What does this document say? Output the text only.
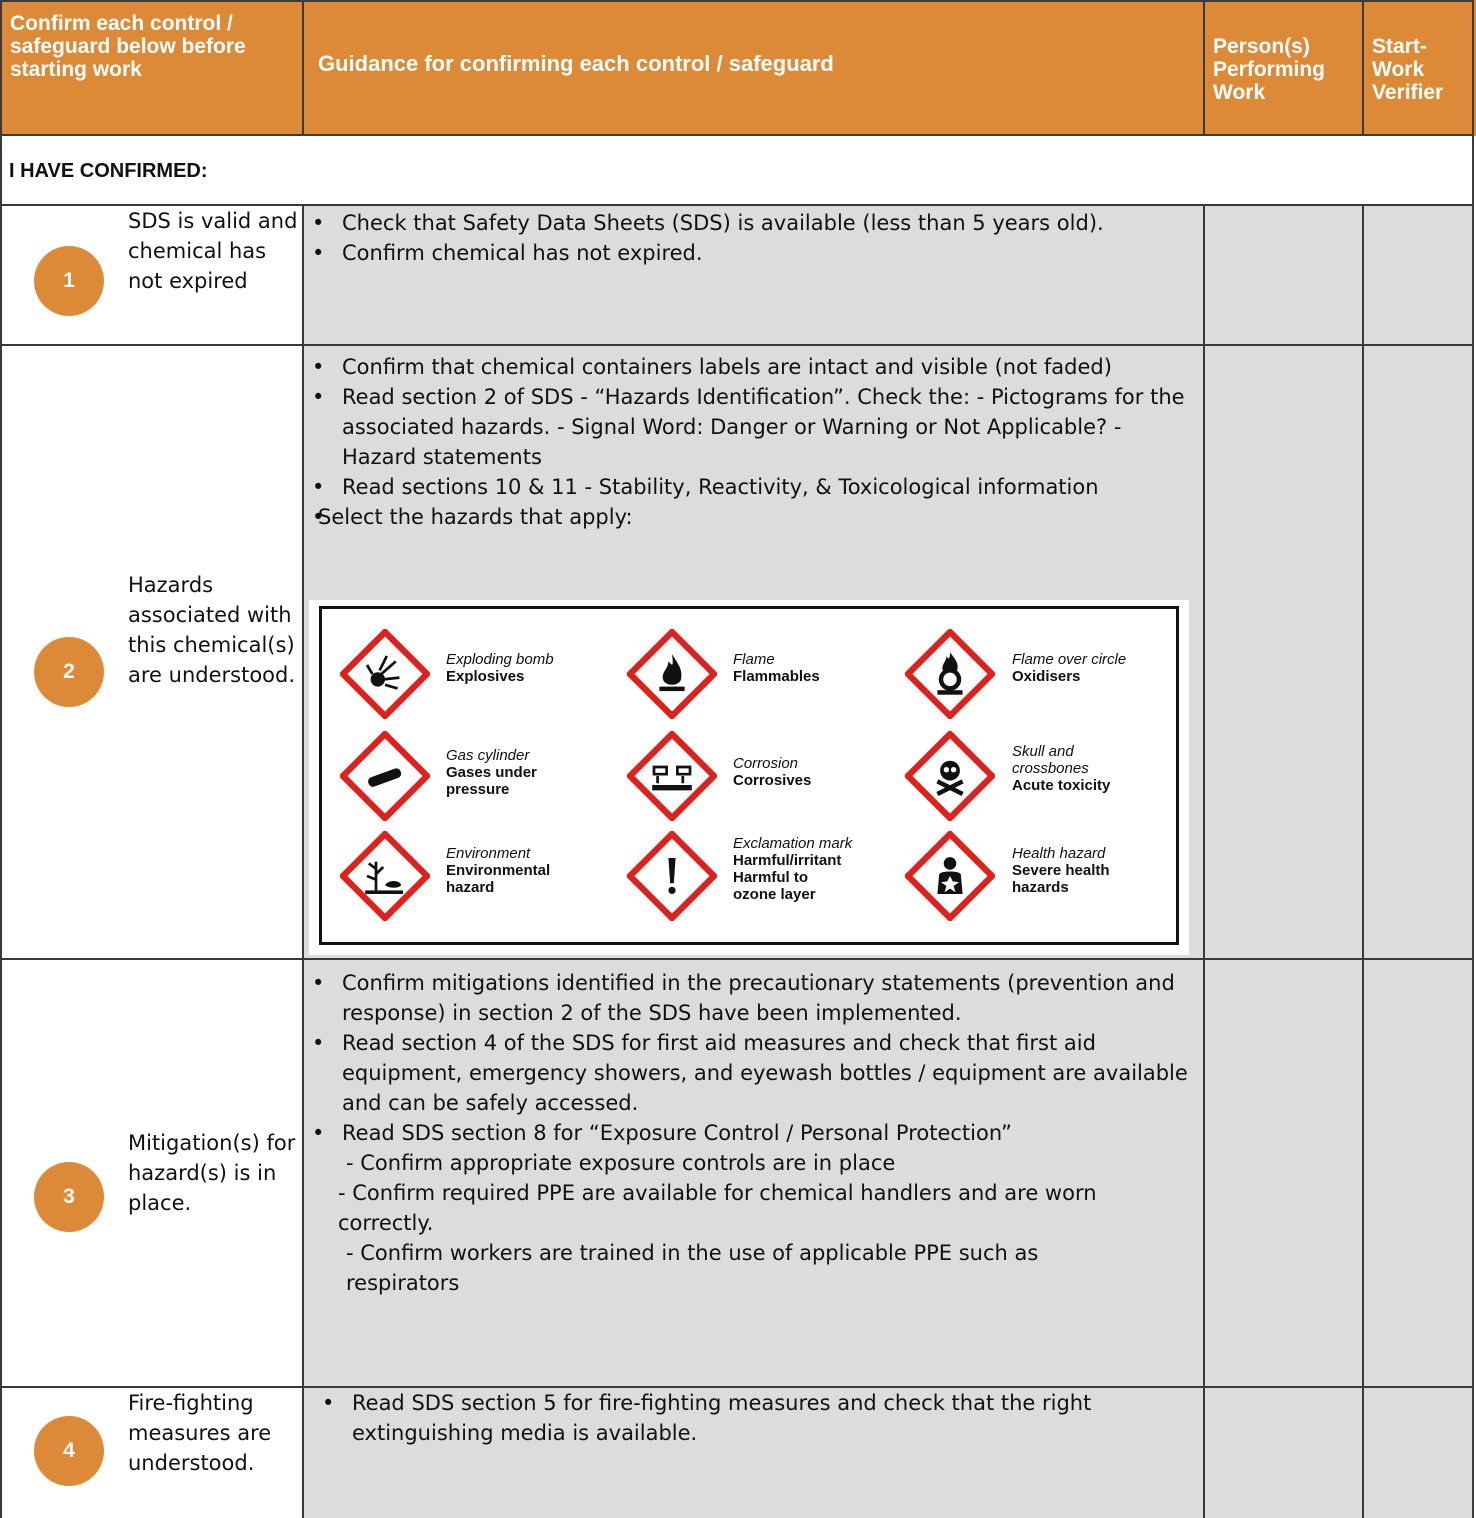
Confirm each control / safeguard below before starting work	Guidance for confirming each control / safeguard
Person(s) Performing Work
Start-Work Verifier
I HAVE CONFIRMED:
1
SDS is valid and chemical has not expired
• Check that Safety Data Sheets (SDS) is available (less than 5 years old).
• Confirm chemical has not expired.
2
Hazards associated with this chemical(s) are understood.
• Confirm that chemical containers labels are intact and visible (not faded)
• Read section 2 of SDS - “Hazards Identification”. Check the: - Pictograms for the associated hazards. - Signal Word: Danger or Warning or Not Applicable? - Hazard statements
• Read sections 10 & 11 - Stability, Reactivity, & Toxicological information
• Select the hazards that apply:
Exploding bomb
Explosives
Flame
Flammables
Flame over circle
Oxidisers
Gas cylinder
Gases under pressure
Corrosion
Corrosives
Skull and crossbones
Acute toxicity
Environment
Environmental hazard
Exclamation mark
Harmful/irritant Harmful to ozone layer
Health hazard
Severe health hazards
3
Mitigation(s) for hazard(s) is in place.
• Confirm mitigations identified in the precautionary statements (prevention and response) in section 2 of the SDS have been implemented.
• Read section 4 of the SDS for first aid measures and check that first aid equipment, emergency showers, and eyewash bottles / equipment are available and can be safely accessed.
• Read SDS section 8 for “Exposure Control / Personal Protection”
- Confirm appropriate exposure controls are in place
- Confirm required PPE are available for chemical handlers and are worn correctly.
- Confirm workers are trained in the use of applicable PPE such as respirators
4
Fire-fighting measures are understood.
• Read SDS section 5 for fire-fighting measures and check that the right extinguishing media is available.
